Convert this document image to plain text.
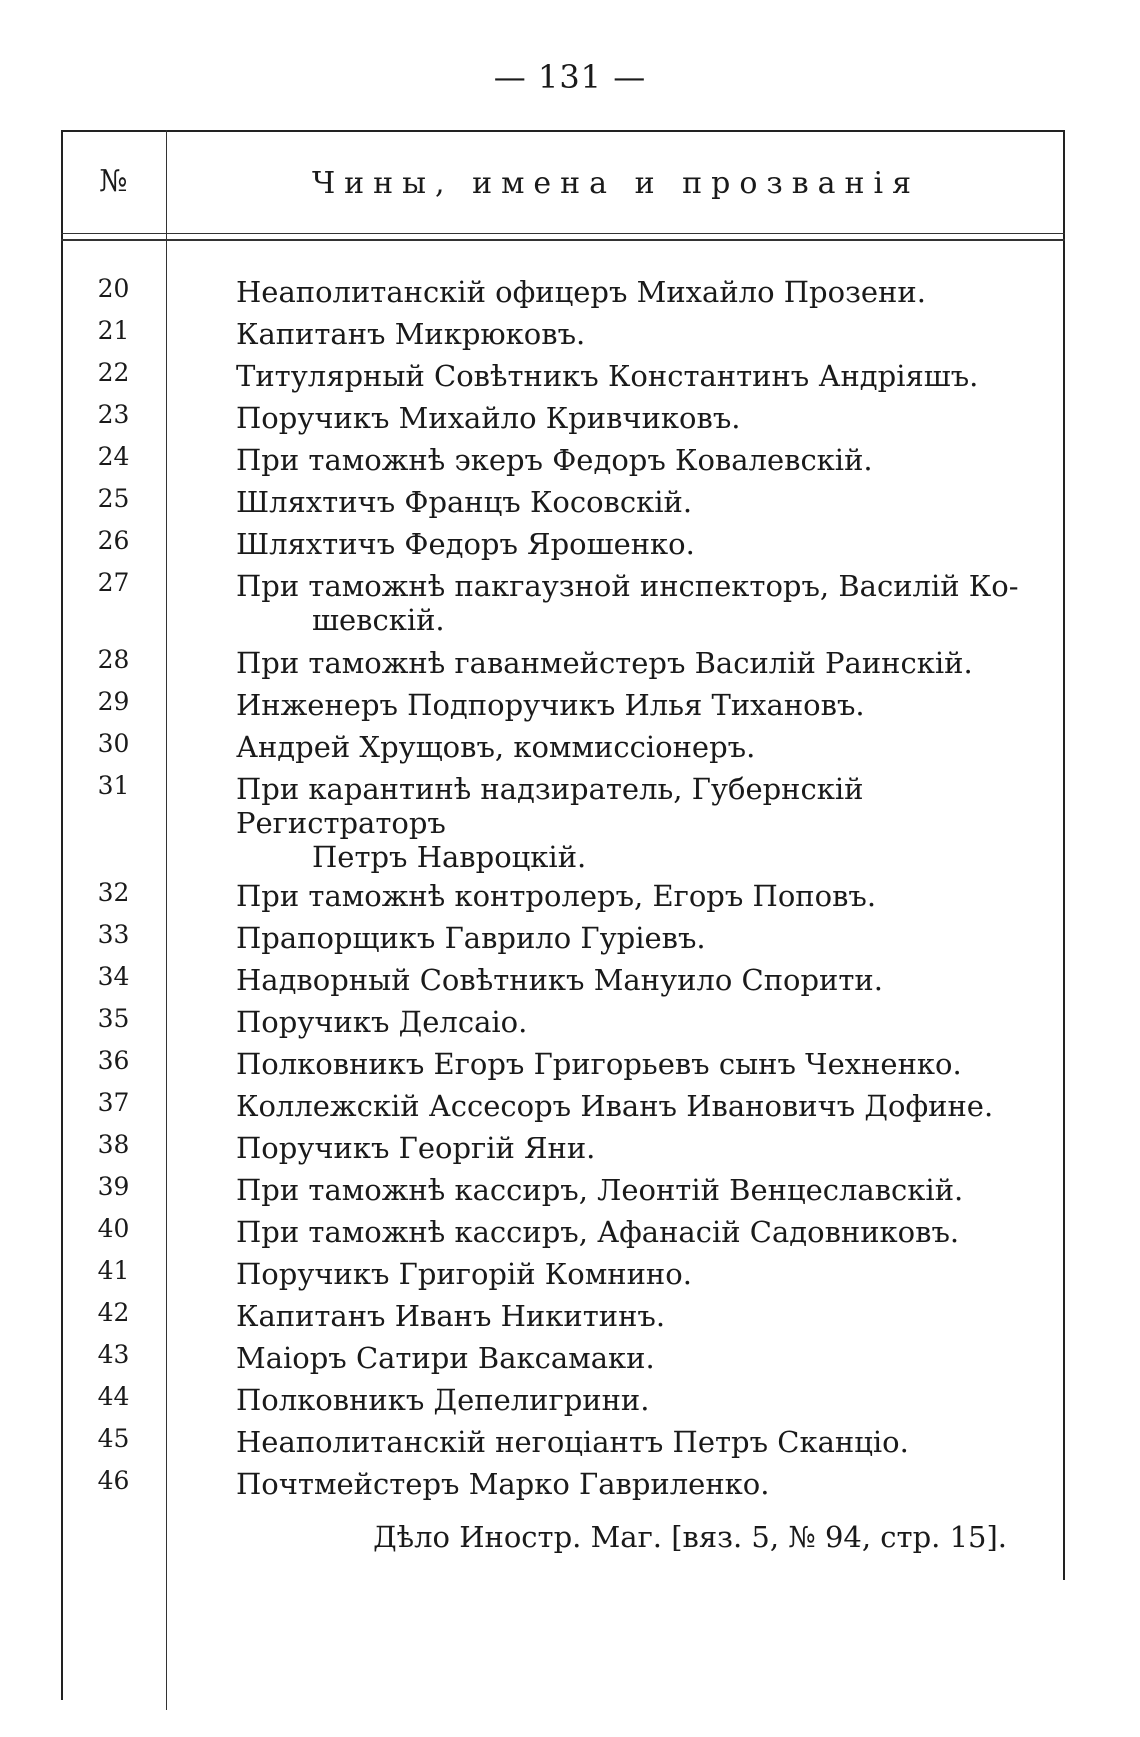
— 131 —
№	Чины, имена и прозванія
20	Неаполитанскій офицеръ Михайло Прозени.
21	Капитанъ Микрюковъ.
22	Титулярный Совѣтникъ Константинъ Андріяшъ.
23	Поручикъ Михайло Кривчиковъ.
24	При таможнѣ экеръ Федоръ Ковалевскій.
25	Шляхтичъ Францъ Косовскій.
26	Шляхтичъ Федоръ Ярошенко.
27	При таможнѣ пакгаузной инспекторъ, Василій Ко-
шевскій.
28	При таможнѣ гаванмейстеръ Василій Раинскій.
29	Инженеръ Подпоручикъ Илья Тихановъ.
30	Андрей Хрущовъ, коммиссіонеръ.
31	При карантинѣ надзиратель, Губернскій Регистраторъ
Петръ Навроцкій.
32	При таможнѣ контролеръ, Егоръ Поповъ.
33	Прапорщикъ Гаврило Гуріевъ.
34	Надворный Совѣтникъ Мануило Спорити.
35	Поручикъ Делсаіо.
36	Полковникъ Егоръ Григорьевъ сынъ Чехненко.
37	Коллежскій Ассесоръ Иванъ Ивановичъ Дофине.
38	Поручикъ Георгій Яни.
39	При таможнѣ кассиръ, Леонтій Венцеславскій.
40	При таможнѣ кассиръ, Афанасій Садовниковъ.
41	Поручикъ Григорій Комнино.
42	Капитанъ Иванъ Никитинъ.
43	Маіоръ Сатири Ваксамаки.
44	Полковникъ Депелигрини.
45	Неаполитанскій негоціантъ Петръ Сканціо.
46	Почтмейстеръ Марко Гавриленко.
Дѣло Иностр. Маг. [вяз. 5, № 94, стр. 15].
